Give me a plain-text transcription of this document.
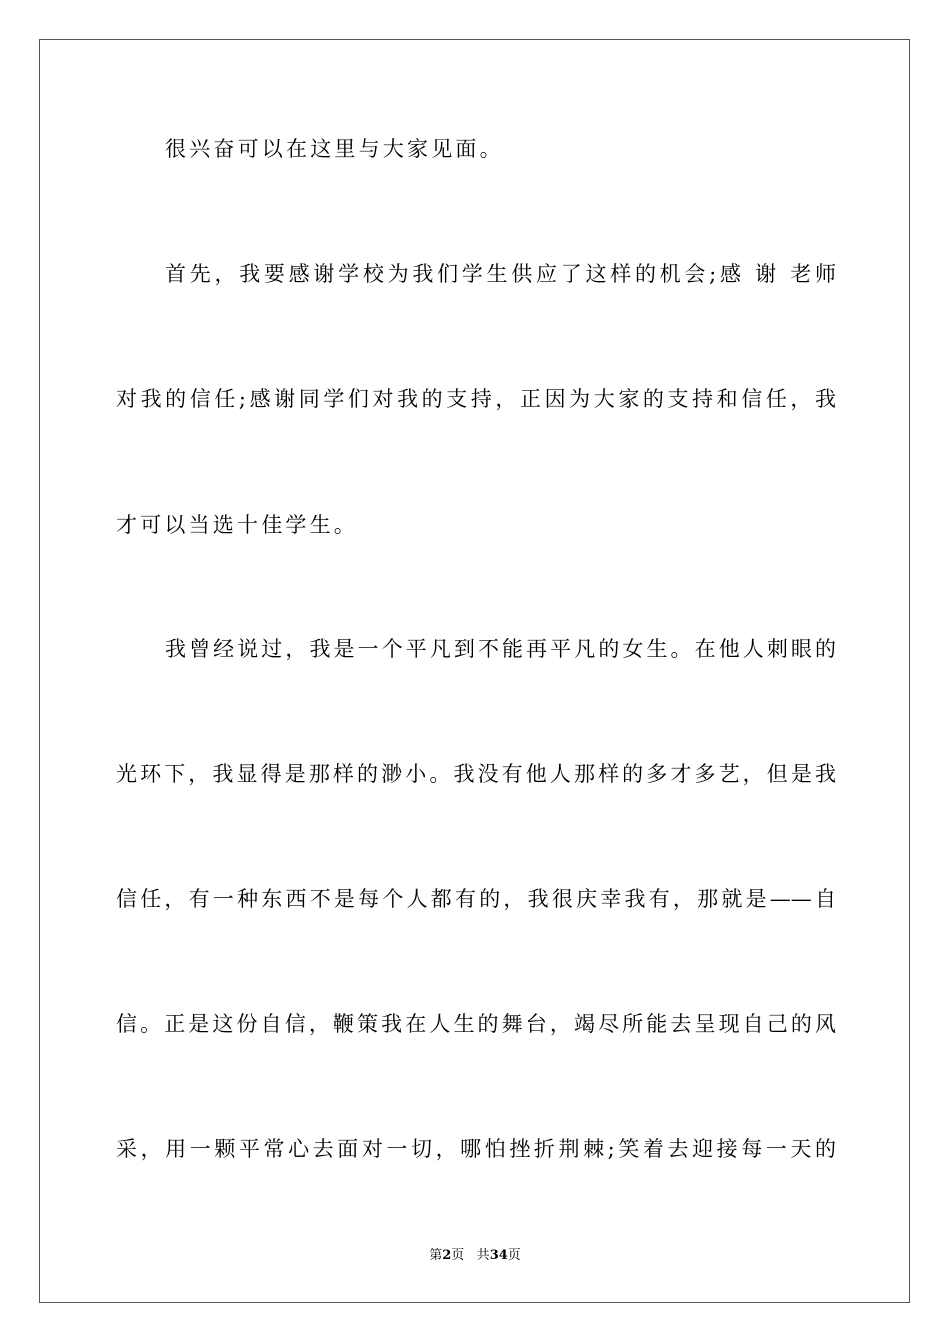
很兴奋可以在这里与大家见面。
首先，我要感谢学校为我们学生供应了这样的机会;感 谢 老师
对我的信任;感谢同学们对我的支持，正因为大家的支持和信任，我
才可以当选十佳学生。
我曾经说过，我是一个平凡到不能再平凡的女生。在他人刺眼的
光环下，我显得是那样的渺小。我没有他人那样的多才多艺，但是我
信任，有一种东西不是每个人都有的，我很庆幸我有，那就是——自
信。正是这份自信，鞭策我在人生的舞台，竭尽所能去呈现自己的风
采，用一颗平常心去面对一切，哪怕挫折荆棘;笑着去迎接每一天的
第2页 共34页
